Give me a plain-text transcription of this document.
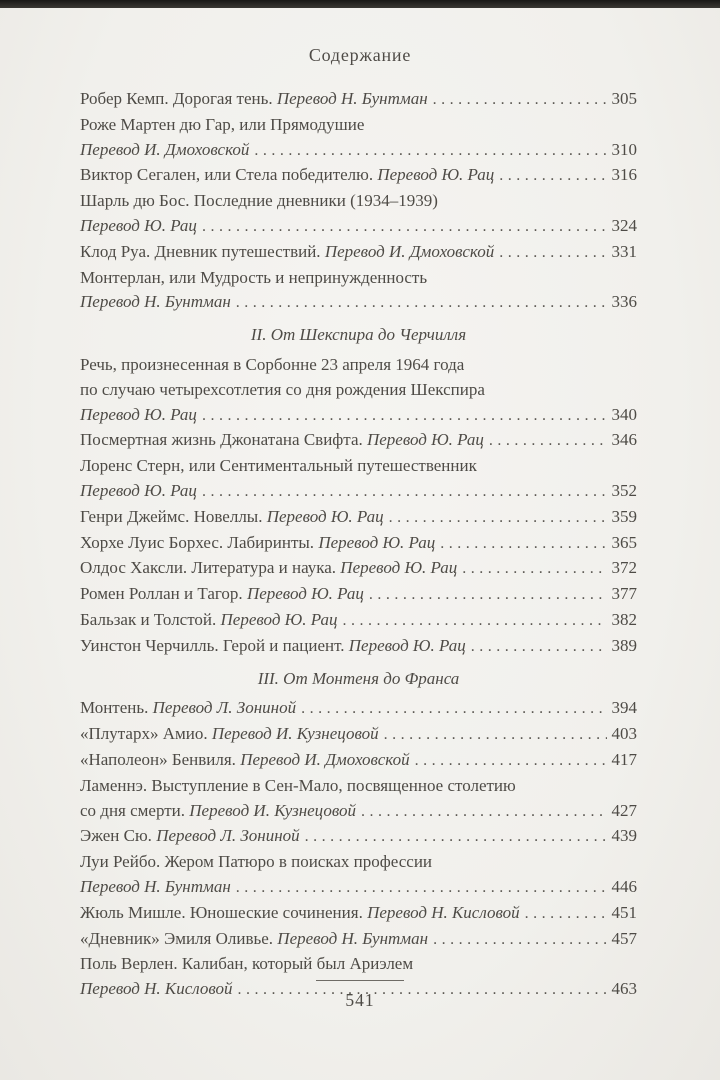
Содержание
Робер Кемп. Дорогая тень. Перевод Н. Бунтман .....	305
Роже Мартен дю Гар, или Прямодушие
Перевод И. Дмоховской .....	310
Виктор Сегален, или Стела победителю. Перевод Ю. Рац .....	316
Шарль дю Бос. Последние дневники (1934–1939)
Перевод Ю. Рац .....	324
Клод Руа. Дневник путешествий. Перевод И. Дмоховской .....	331
Монтерлан, или Мудрость и непринужденность
Перевод Н. Бунтман .....	336
II. От Шекспира до Черчилля
Речь, произнесенная в Сорбонне 23 апреля 1964 года
по случаю четырехсотлетия со дня рождения Шекспира
Перевод Ю. Рац .....	340
Посмертная жизнь Джонатана Свифта. Перевод Ю. Рац .....	346
Лоренс Стерн, или Сентиментальный путешественник
Перевод Ю. Рац .....	352
Генри Джеймс. Новеллы. Перевод Ю. Рац .....	359
Хорхе Луис Борхес. Лабиринты. Перевод Ю. Рац .....	365
Олдос Хаксли. Литература и наука. Перевод Ю. Рац .....	372
Ромен Роллан и Тагор. Перевод Ю. Рац .....	377
Бальзак и Толстой. Перевод Ю. Рац .....	382
Уинстон Черчилль. Герой и пациент. Перевод Ю. Рац .....	389
III. От Монтеня до Франса
Монтень. Перевод Л. Зониной .....	394
«Плутарх» Амио. Перевод И. Кузнецовой .....	403
«Наполеон» Бенвиля. Перевод И. Дмоховской .....	417
Ламеннэ. Выступление в Сен-Мало, посвященное столетию
со дня смерти. Перевод И. Кузнецовой .....	427
Эжен Сю. Перевод Л. Зониной .....	439
Луи Рейбо. Жером Патюро в поисках профессии
Перевод Н. Бунтман .....	446
Жюль Мишле. Юношеские сочинения. Перевод Н. Кисловой .....	451
«Дневник» Эмиля Оливье. Перевод Н. Бунтман .....	457
Поль Верлен. Калибан, который был Ариэлем
Перевод Н. Кисловой .....	463
541
